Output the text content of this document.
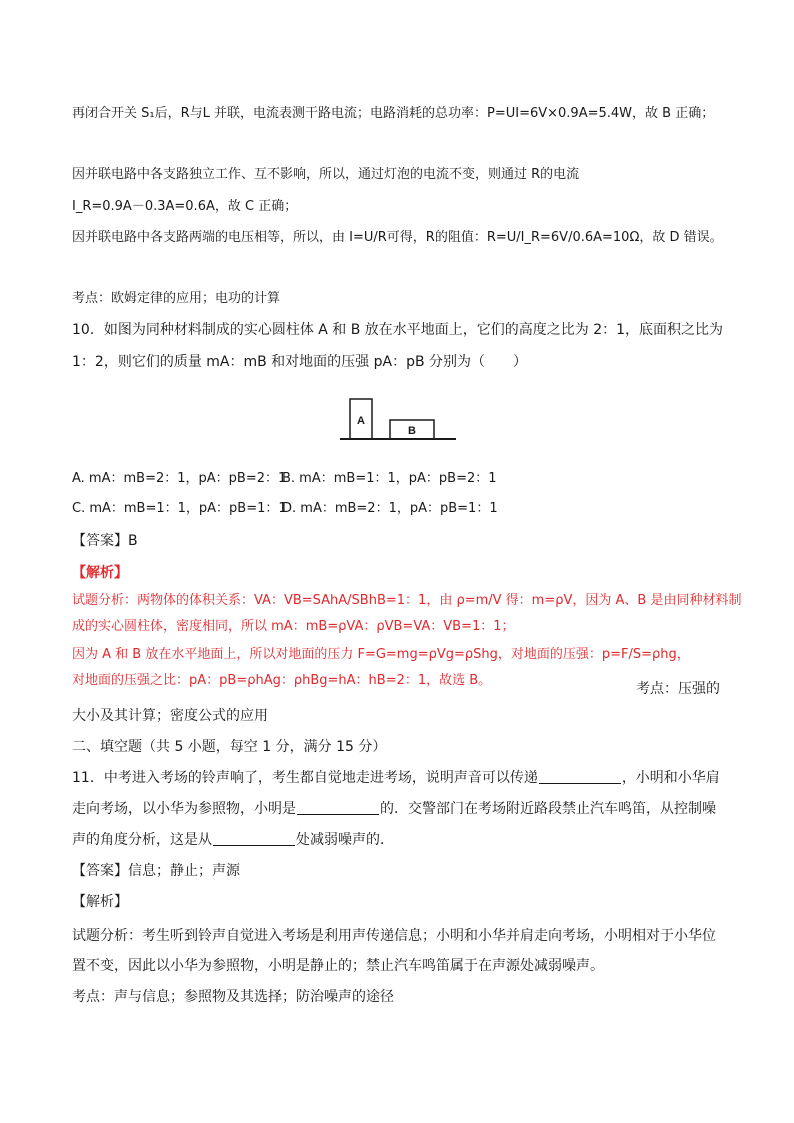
再闭合开关 S₁后，R与L 并联，电流表测干路电流；电路消耗的总功率：P=UI=6V×0.9A=5.4W，故 B 正确；
因并联电路中各支路独立工作、互不影响，所以，通过灯泡的电流不变，则通过 R的电流
I_R=0.9A－0.3A=0.6A，故 C 正确；
因并联电路中各支路两端的电压相等，所以，由 I=U/R可得，R的阻值：R=U/I_R=6V/0.6A=10Ω，故 D 错误。
考点：欧姆定律的应用；电功的计算
10．如图为同种材料制成的实心圆柱体 A 和 B 放在水平地面上，它们的高度之比为 2：1，底面积之比为
1：2，则它们的质量 mA：mB 和对地面的压强 pA：pB 分别为（　　）
A
B
A. mA：mB=2：1，pA：pB=2：1
B. mA：mB=1：1，pA：pB=2：1
C. mA：mB=1：1，pA：pB=1：1
D. mA：mB=2：1，pA：pB=1：1
【答案】B
【解析】
试题分析：两物体的体积关系：VA：VB=SAhA/SBhB=1：1，由 ρ=m/V 得：m=ρV，因为 A、B 是由同种材料制
成的实心圆柱体，密度相同，所以 mA：mB=ρVA：ρVB=VA：VB=1：1；
因为 A 和 B 放在水平地面上，所以对地面的压力 F=G=mg=ρVg=ρShg，对地面的压强：p=F/S=ρhg，
对地面的压强之比：pA：pB=ρhAg：ρhBg=hA：hB=2：1，故选 B。
考点：压强的
大小及其计算；密度公式的应用
二、填空题（共 5 小题，每空 1 分，满分 15 分）
11．中考进入考场的铃声响了，考生都自觉地走进考场，说明声音可以传递	，小明和小华肩
走向考场，以小华为参照物，小明是	的．交警部门在考场附近路段禁止汽车鸣笛，从控制噪
声的角度分析，这是从	处减弱噪声的．
【答案】信息；静止；声源
【解析】
试题分析：考生听到铃声自觉进入考场是利用声传递信息；小明和小华并肩走向考场，小明相对于小华位
置不变，因此以小华为参照物，小明是静止的；禁止汽车鸣笛属于在声源处减弱噪声。
考点：声与信息；参照物及其选择；防治噪声的途径
